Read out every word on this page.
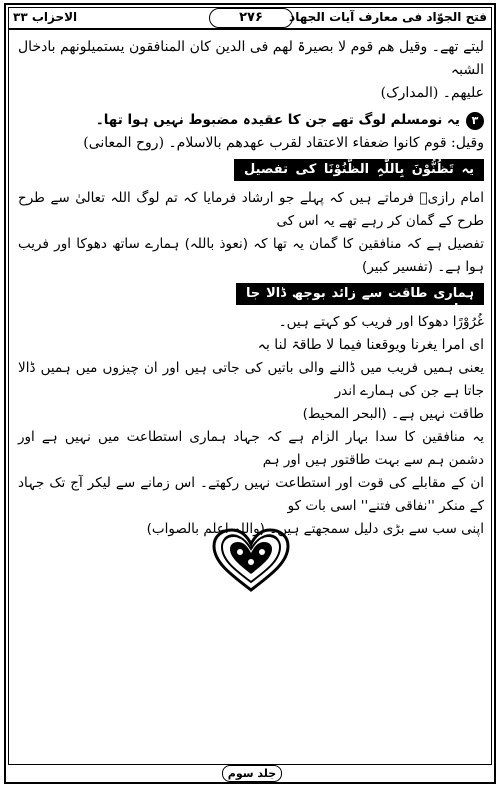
الاحزاب ۳۳	۲۷۶	فتح الجوّاد فی معارف آیات الجهاد
لیتے تھے۔ وقیل ھم قوم لا بصیرۃ لھم فی الدین کان المنافقون یستمیلونھم بادخال الشبہ
علیھم۔ (المدارک)
۳
یہ نومسلم لوگ تھے جن کا عقیدہ مضبوط نہیں ہوا تھا۔
وقیل: قوم کانوا ضعفاء الاعتقاد لقرب عھدھم بالاسلام۔ (روح المعانی)
یہ تَظُنُّوْنَ بِاللّٰہِ الظُّنُوْنَا کی تفصیل ہے
امام رازیؒ فرماتے ہیں کہ پہلے جو ارشاد فرمایا کہ تم لوگ اللہ تعالیٰ سے طرح طرح کے گمان کر رہے تھے یہ اس کی
تفصیل ہے کہ منافقین کا گمان یہ تھا کہ (نعوذ باللہ) ہمارے ساتھ دھوکا اور فریب ہوا ہے۔ (تفسیر کبیر)
ہماری طاقت سے زائد بوجھ ڈالا جا رہا ہے
غُرُوْرًا دھوکا اور فریب کو کہتے ہیں۔
ای امرا یغرنا ویوقعنا فیما لا طاقۃ لنا بہ
یعنی ہمیں فریب میں ڈالنے والی باتیں کی جاتی ہیں اور ان چیزوں میں ہمیں ڈالا جاتا ہے جن کی ہمارے اندر
طاقت نہیں ہے۔ (البحر المحیط)
یہ منافقین کا سدا بہار الزام ہے کہ جہاد ہماری استطاعت میں نہیں ہے اور دشمن ہم سے بہت طاقتور ہیں اور ہم
ان کے مقابلے کی قوت اور استطاعت نہیں رکھتے۔ اس زمانے سے لیکر آج تک جہاد کے منکر ''نفاقی فتنے'' اسی بات کو
اپنی سب سے بڑی دلیل سمجھتے ہیں۔ (واللہ اعلم بالصواب)
جلد سوم
